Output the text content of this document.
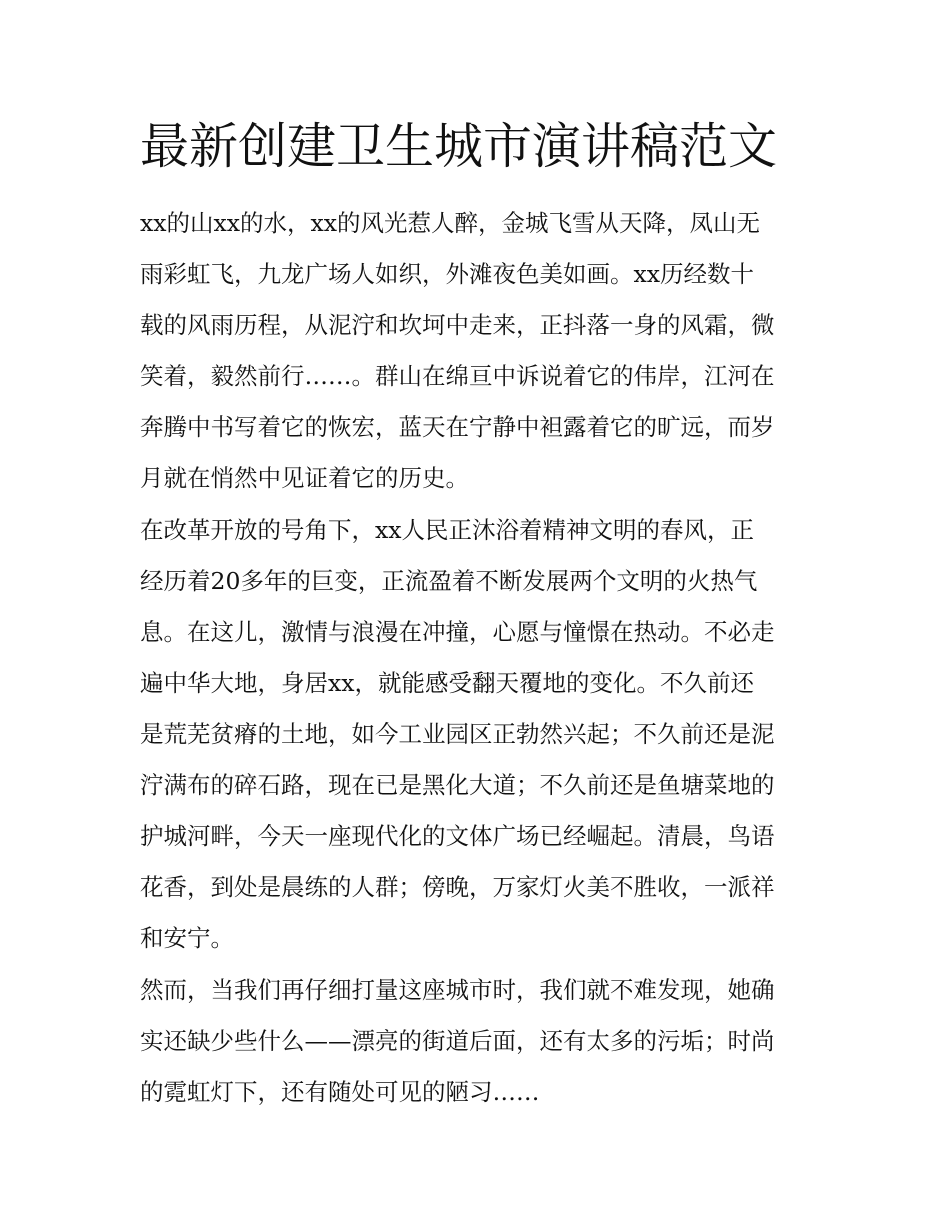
最新创建卫生城市演讲稿范文
xx的山xx的水，xx的风光惹人醉，金城飞雪从天降，凤山无
雨彩虹飞，九龙广场人如织，外滩夜色美如画。xx历经数十
载的风雨历程，从泥泞和坎坷中走来，正抖落一身的风霜，微
笑着，毅然前行……。群山在绵亘中诉说着它的伟岸，江河在
奔腾中书写着它的恢宏，蓝天在宁静中袒露着它的旷远，而岁
月就在悄然中见证着它的历史。
在改革开放的号角下，xx人民正沐浴着精神文明的春风，正
经历着20多年的巨变，正流盈着不断发展两个文明的火热气
息。在这儿，激情与浪漫在冲撞，心愿与憧憬在热动。不必走
遍中华大地，身居xx，就能感受翻天覆地的变化。不久前还
是荒芜贫瘠的土地，如今工业园区正勃然兴起；不久前还是泥
泞满布的碎石路，现在已是黑化大道；不久前还是鱼塘菜地的
护城河畔，今天一座现代化的文体广场已经崛起。清晨，鸟语
花香，到处是晨练的人群；傍晚，万家灯火美不胜收，一派祥
和安宁。
然而，当我们再仔细打量这座城市时，我们就不难发现，她确
实还缺少些什么——漂亮的街道后面，还有太多的污垢；时尚
的霓虹灯下，还有随处可见的陋习……
